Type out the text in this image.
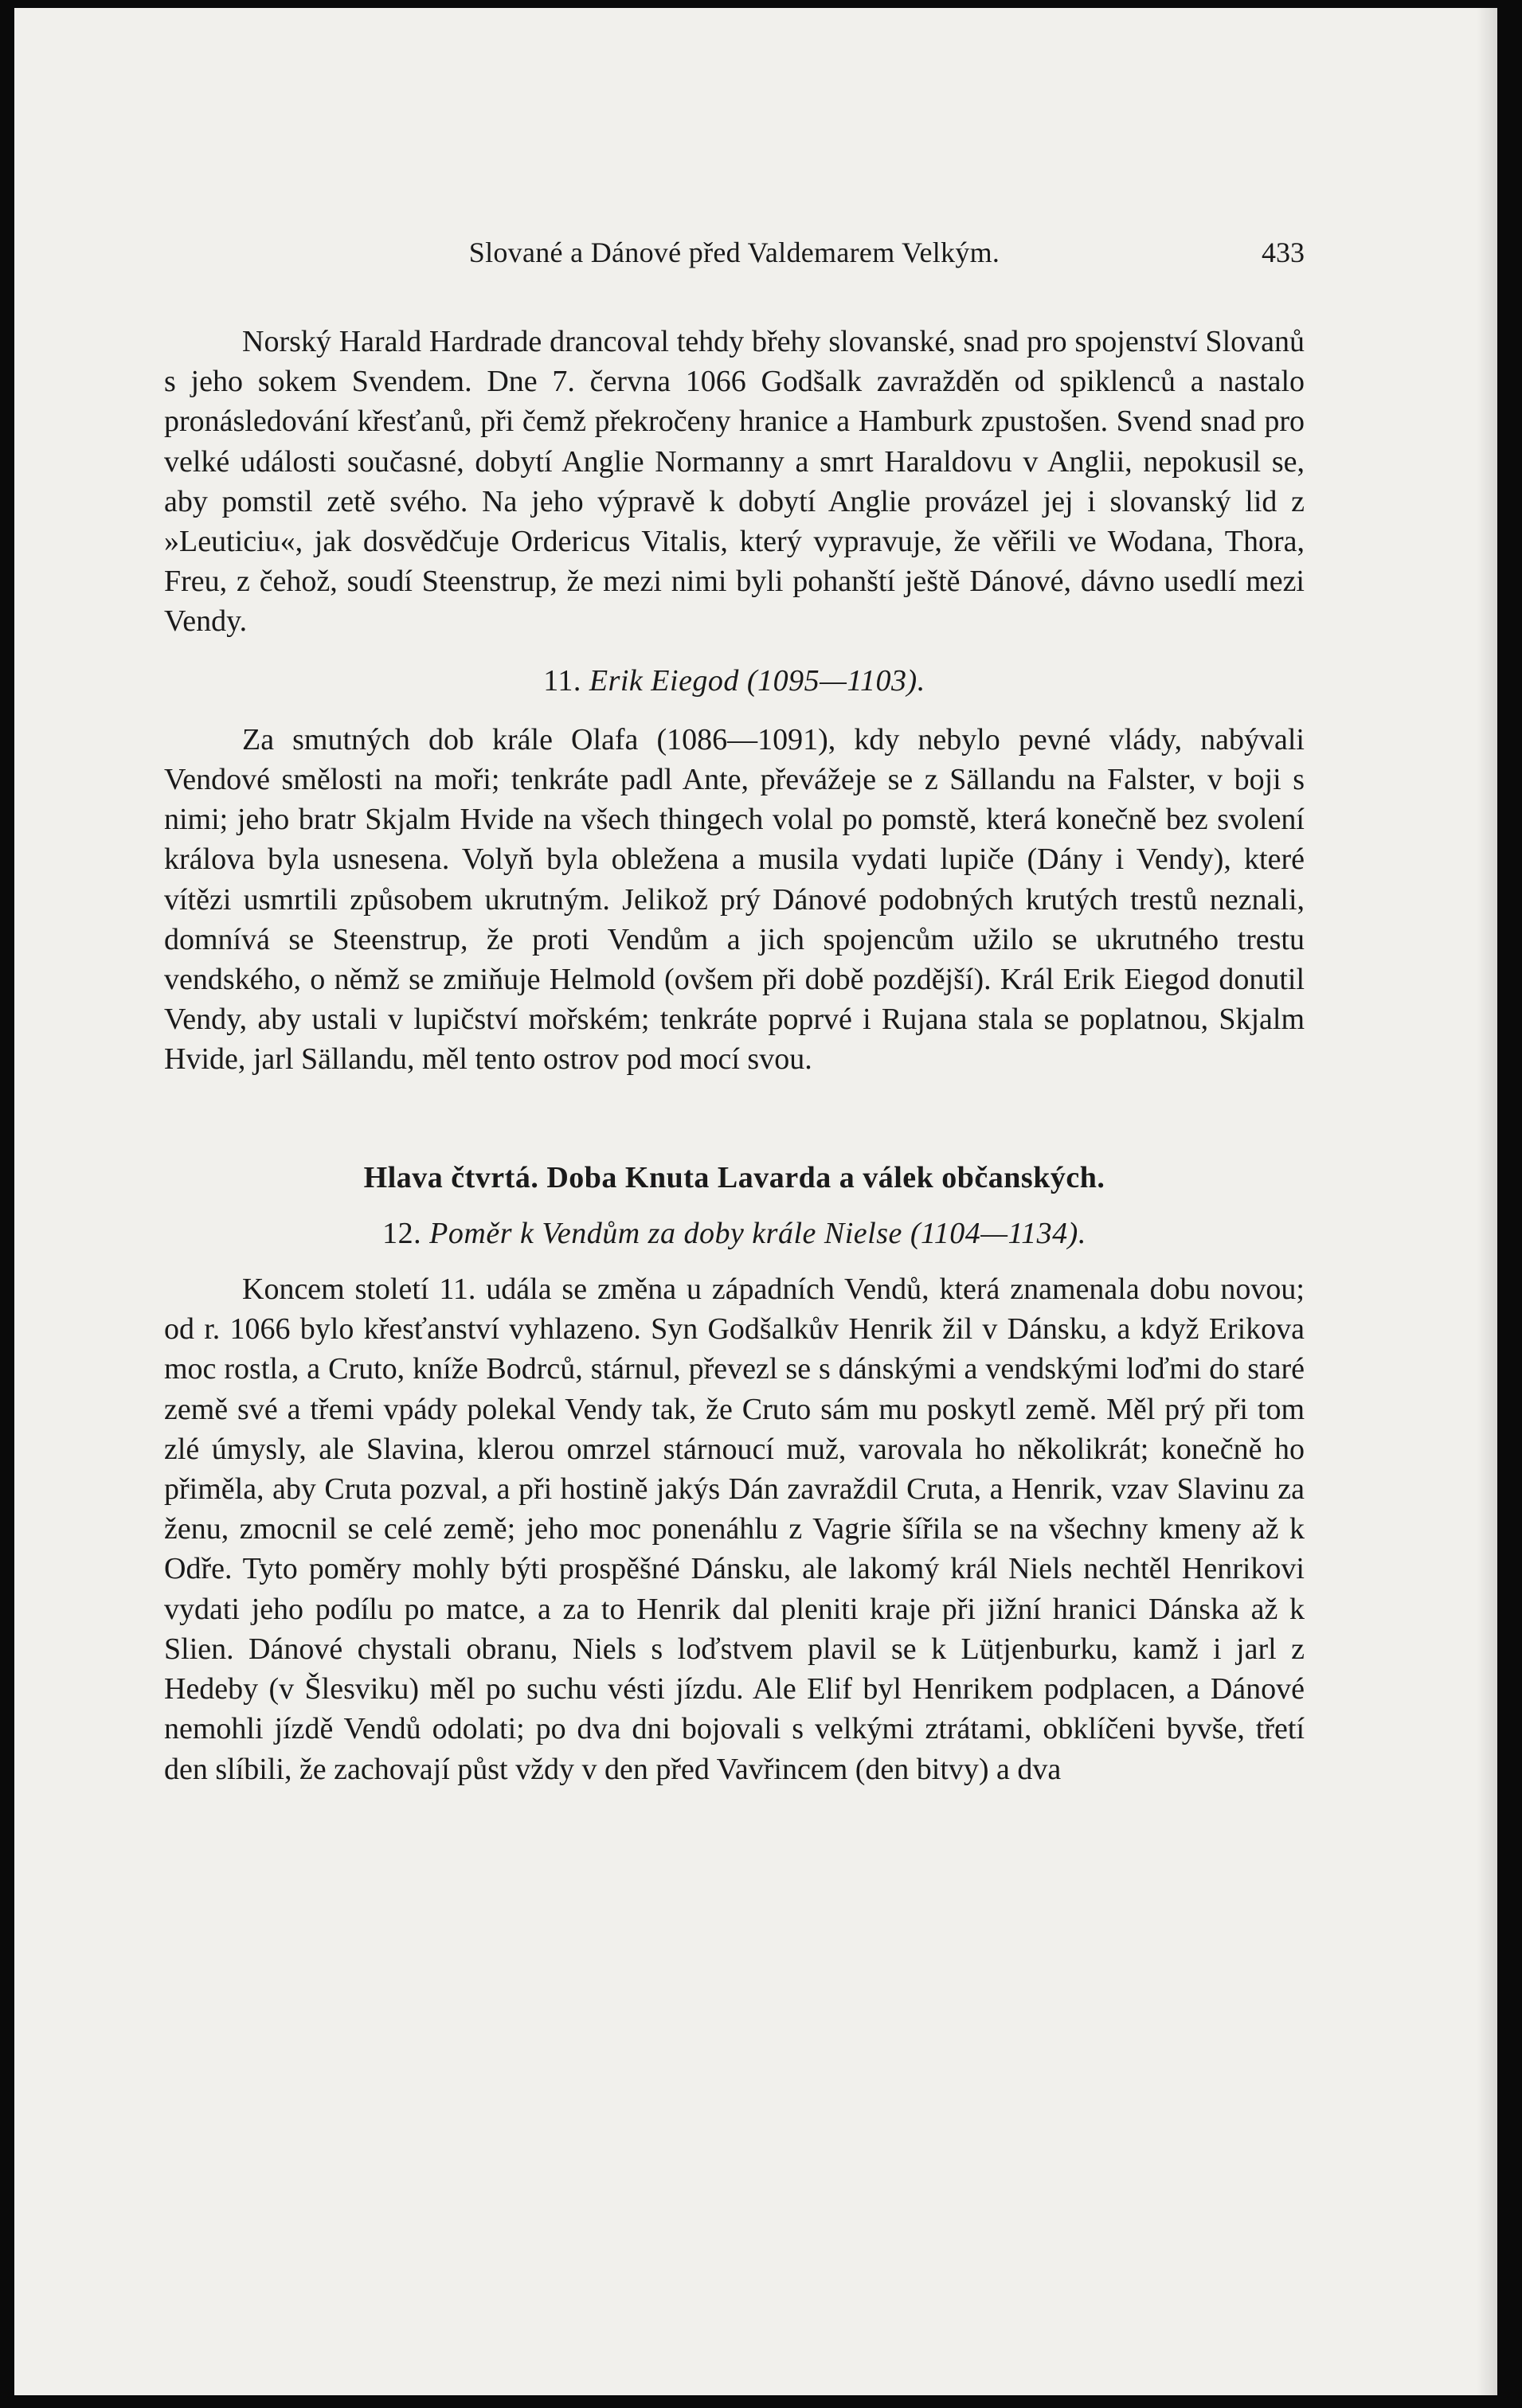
Slované a Dánové před Valdemarem Velkým.	433

Norský Harald Hardrade drancoval tehdy břehy slovanské, snad pro spojenství Slovanů s jeho sokem Svendem. Dne 7. června 1066 Godšalk zavražděn od spiklenců a nastalo pronásledování křesťanů, při čemž překročeny hranice a Hamburk zpustošen. Svend snad pro velké události současné, dobytí Anglie Normanny a smrt Haraldovu v Anglii, nepokusil se, aby pomstil zetě svého. Na jeho výpravě k dobytí Anglie provázel jej i slovanský lid z »Leuticiu«, jak dosvědčuje Ordericus Vitalis, který vypravuje, že věřili ve Wodana, Thora, Freu, z čehož, soudí Steenstrup, že mezi nimi byli pohanští ještě Dánové, dávno usedlí mezi Vendy.

11. Erik Eiegod (1095—1103).

Za smutných dob krále Olafa (1086—1091), kdy nebylo pevné vlády, nabývali Vendové smělosti na moři; tenkráte padl Ante, převážeje se z Sällandu na Falster, v boji s nimi; jeho bratr Skjalm Hvide na všech thingech volal po pomstě, která konečně bez svolení králova byla usnesena. Volyň byla obležena a musila vydati lupiče (Dány i Vendy), které vítězi usmrtili způsobem ukrutným. Jelikož prý Dánové podobných krutých trestů neznali, domnívá se Steenstrup, že proti Vendům a jich spojencům užilo se ukrutného trestu vendského, o němž se zmiňuje Helmold (ovšem při době pozdější). Král Erik Eiegod donutil Vendy, aby ustali v lupičství mořském; tenkráte poprvé i Rujana stala se poplatnou, Skjalm Hvide, jarl Sällandu, měl tento ostrov pod mocí svou.

Hlava čtvrtá. Doba Knuta Lavarda a válek občanských.

12. Poměr k Vendům za doby krále Nielse (1104—1134).

Koncem století 11. udála se změna u západních Vendů, která znamenala dobu novou; od r. 1066 bylo křesťanství vyhlazeno. Syn Godšalkův Henrik žil v Dánsku, a když Erikova moc rostla, a Cruto, kníže Bodrců, stárnul, převezl se s dánskými a vendskými loďmi do staré země své a třemi vpády polekal Vendy tak, že Cruto sám mu poskytl země. Měl prý při tom zlé úmysly, ale Slavina, klerou omrzel stárnoucí muž, varovala ho několikrát; konečně ho přiměla, aby Cruta pozval, a při hostině jakýs Dán zavraždil Cruta, a Henrik, vzav Slavinu za ženu, zmocnil se celé země; jeho moc ponenáhlu z Vagrie šířila se na všechny kmeny až k Odře. Tyto poměry mohly býti prospěšné Dánsku, ale lakomý král Niels nechtěl Henrikovi vydati jeho podílu po matce, a za to Henrik dal pleniti kraje při jižní hranici Dánska až k Slien. Dánové chystali obranu, Niels s loďstvem plavil se k Lütjenburku, kamž i jarl z Hedeby (v Šlesviku) měl po suchu vésti jízdu. Ale Elif byl Henrikem podplacen, a Dánové nemohli jízdě Vendů odolati; po dva dni bojovali s velkými ztrátami, obklíčeni byvše, třetí den slíbili, že zachovají půst vždy v den před Vavřincem (den bitvy) a dva
